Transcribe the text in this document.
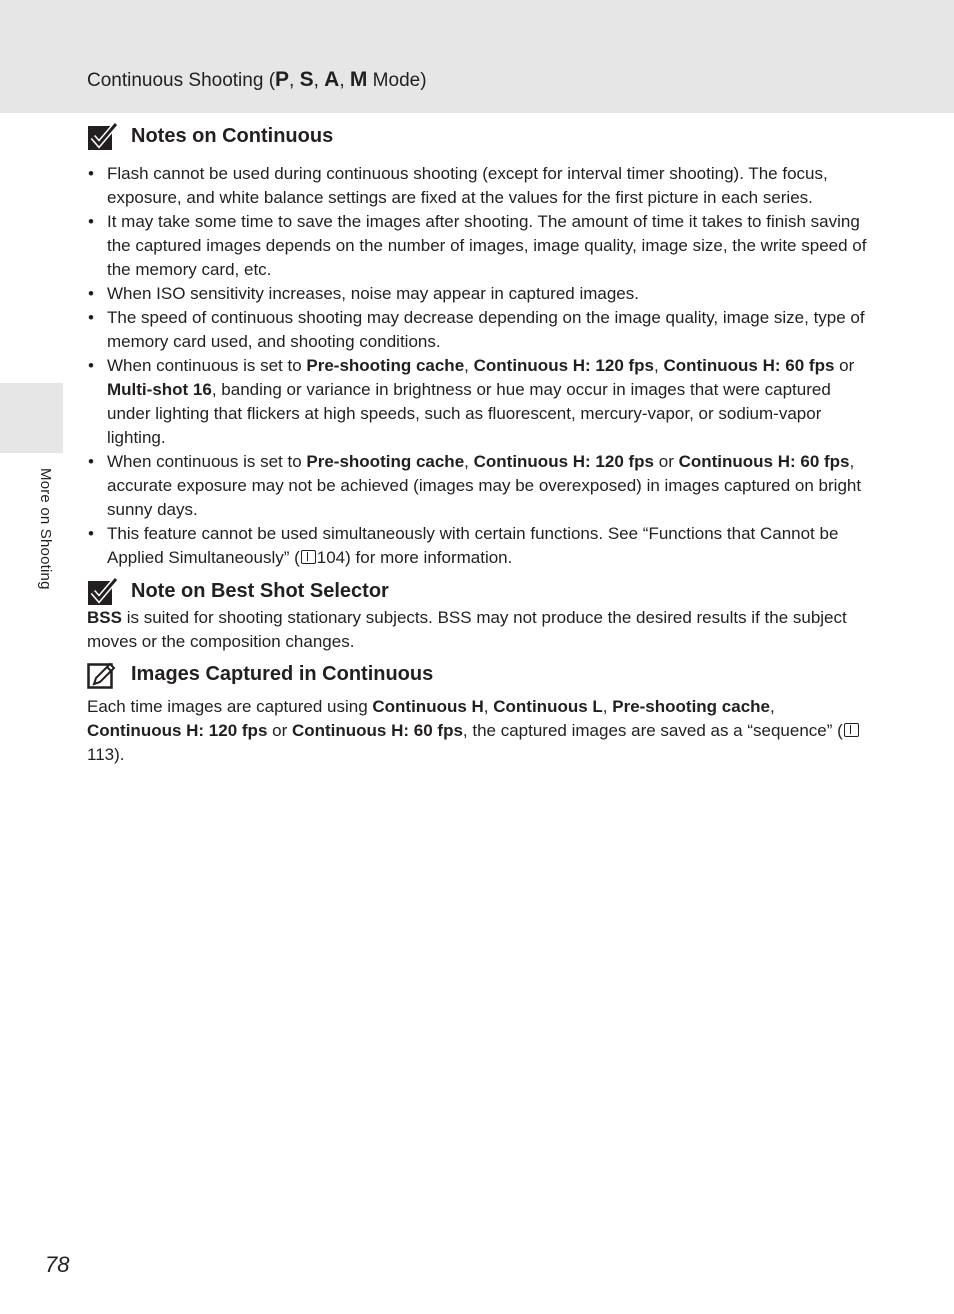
Continuous Shooting (P, S, A, M Mode)
More on Shooting
Notes on Continuous
• Flash cannot be used during continuous shooting (except for interval timer shooting). The focus, exposure, and white balance settings are fixed at the values for the first picture in each series.
• It may take some time to save the images after shooting. The amount of time it takes to finish saving the captured images depends on the number of images, image quality, image size, the write speed of the memory card, etc.
• When ISO sensitivity increases, noise may appear in captured images.
• The speed of continuous shooting may decrease depending on the image quality, image size, type of memory card used, and shooting conditions.
• When continuous is set to Pre-shooting cache, Continuous H: 120 fps, Continuous H: 60 fps or Multi-shot 16, banding or variance in brightness or hue may occur in images that were captured under lighting that flickers at high speeds, such as fluorescent, mercury-vapor, or sodium-vapor lighting.
• When continuous is set to Pre-shooting cache, Continuous H: 120 fps or Continuous H: 60 fps, accurate exposure may not be achieved (images may be overexposed) in images captured on bright sunny days.
• This feature cannot be used simultaneously with certain functions. See “Functions that Cannot be Applied Simultaneously” ( 104) for more information.
Note on Best Shot Selector

BSS is suited for shooting stationary subjects. BSS may not produce the desired results if the subject moves or the composition changes.

Images Captured in Continuous

Each time images are captured using Continuous H, Continuous L, Pre-shooting cache, Continuous H: 120 fps or Continuous H: 60 fps, the captured images are saved as a “sequence” (113).

78
